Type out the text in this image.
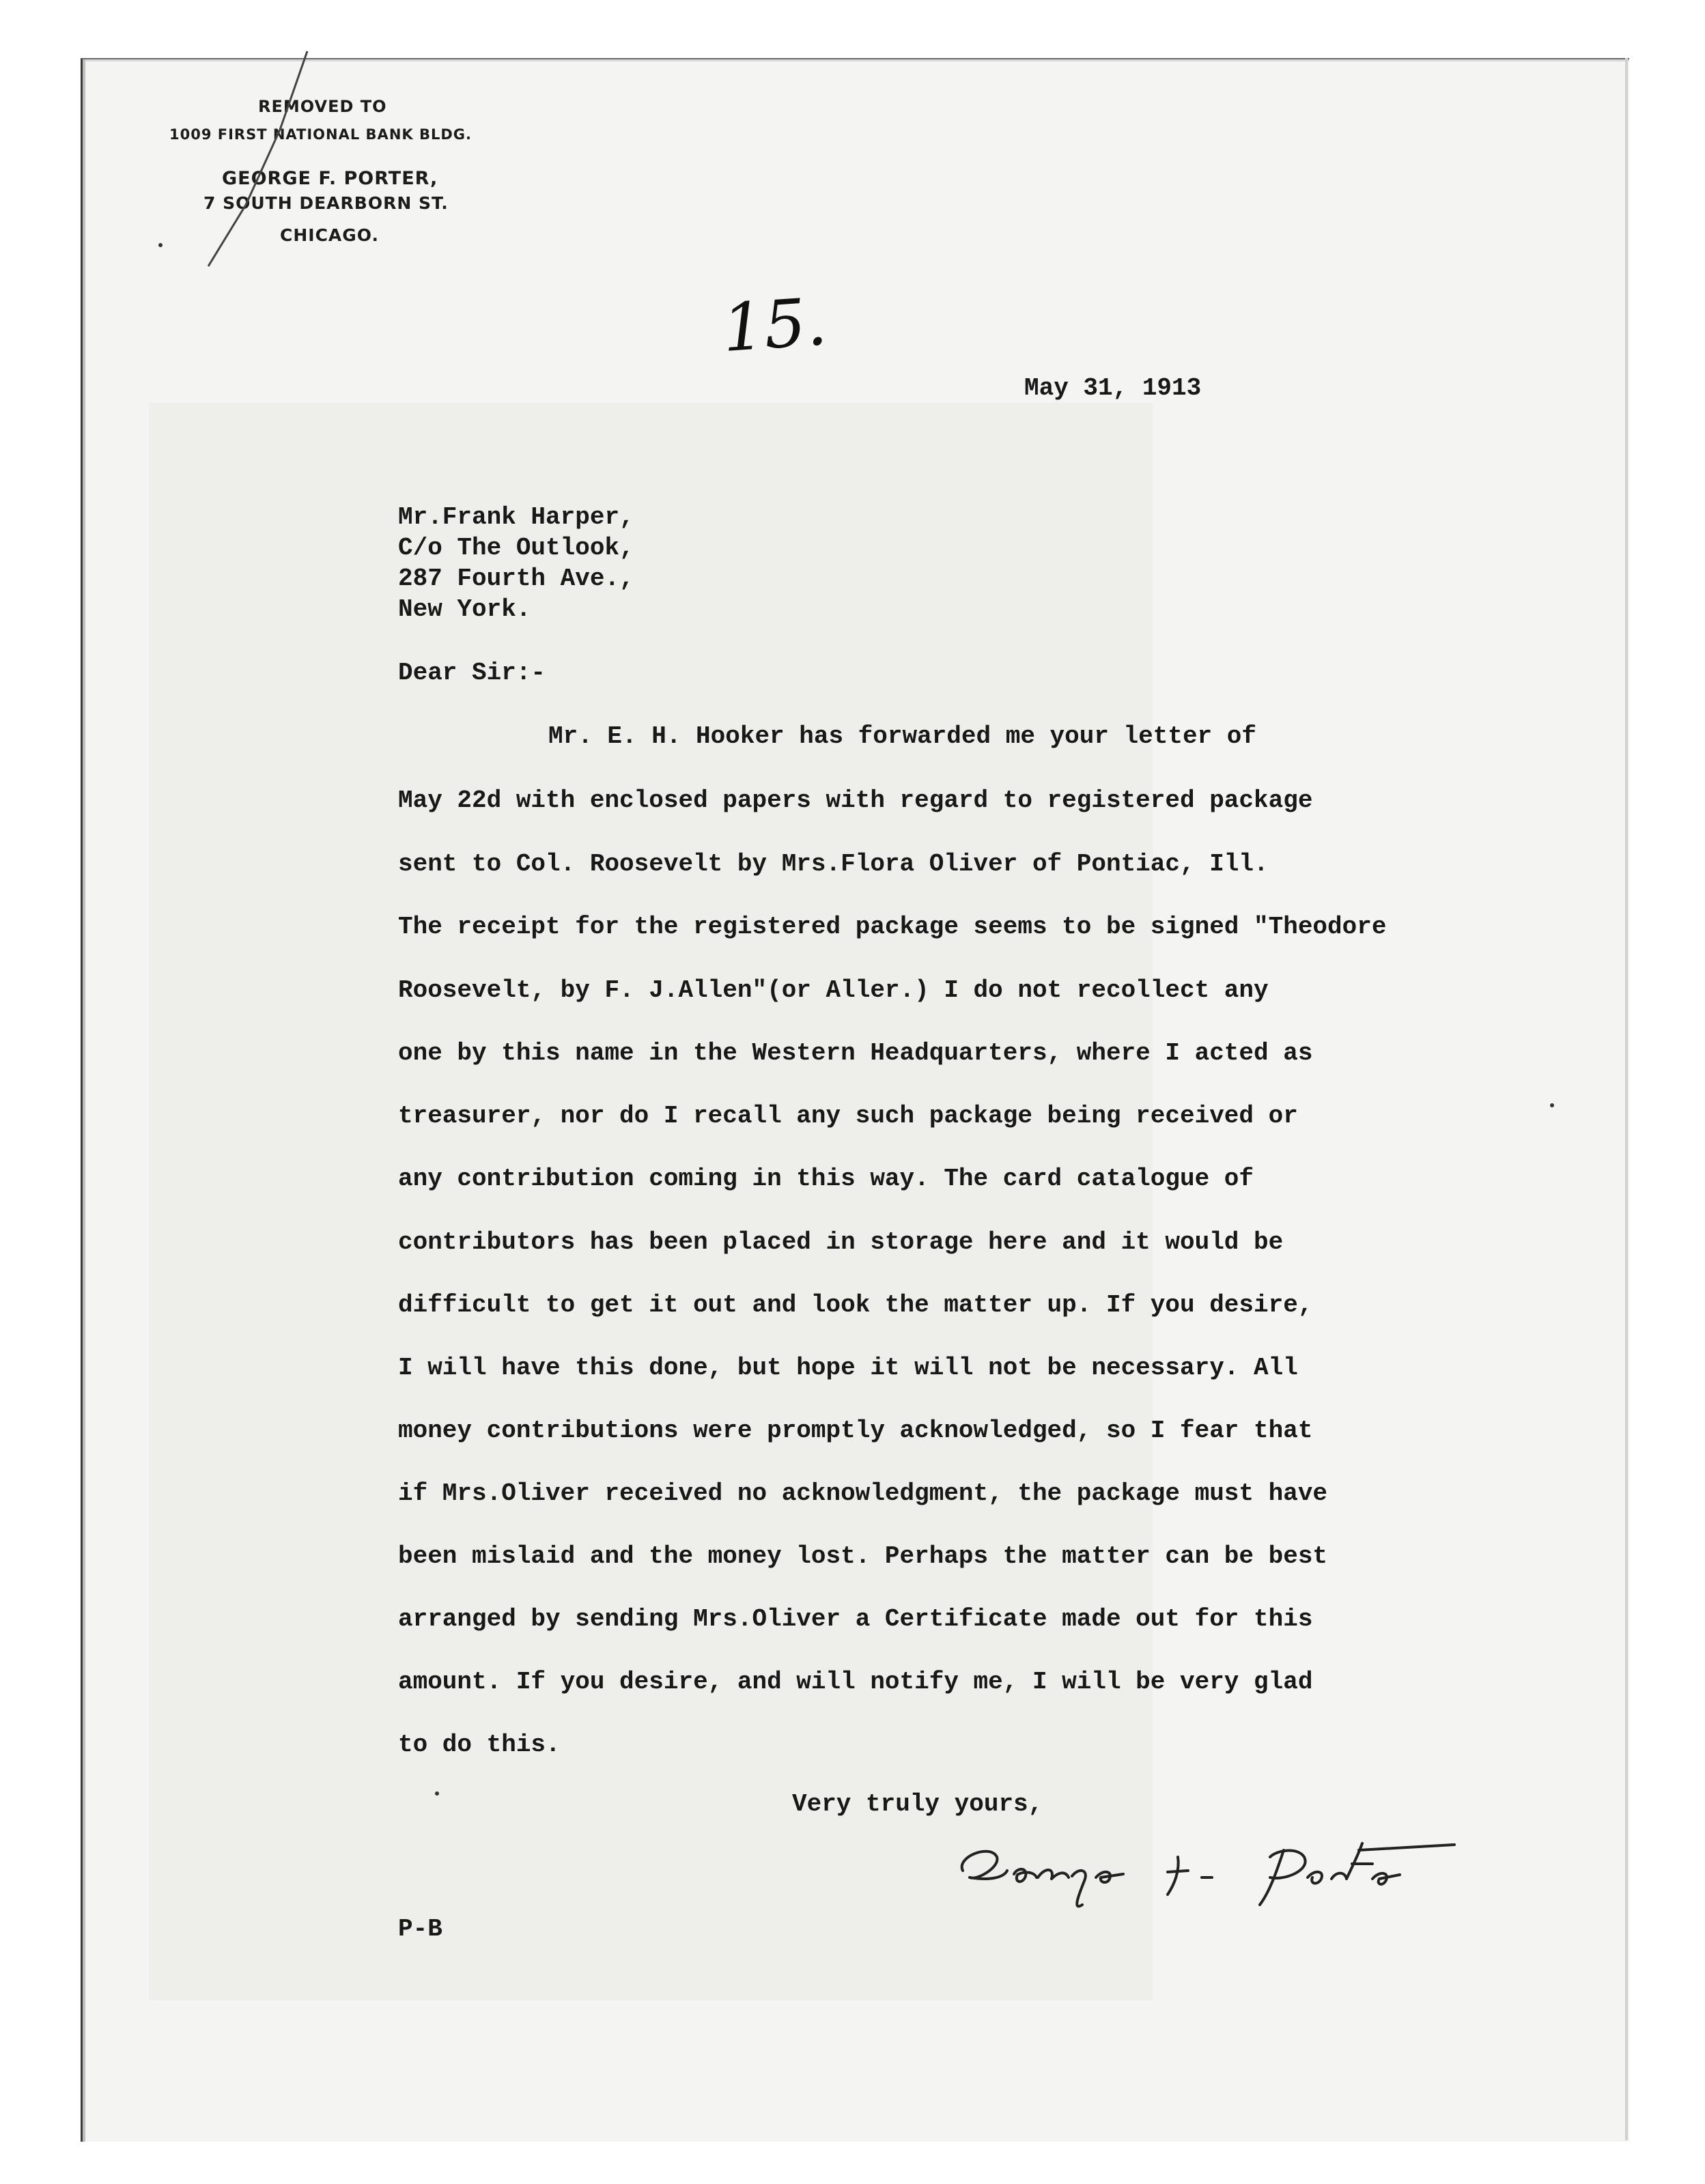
REMOVED TO
1009 FIRST NATIONAL BANK BLDG.
GEORGE F. PORTER,
7 SOUTH DEARBORN ST.
CHICAGO.
15.
May 31, 1913
Mr.Frank Harper,
C/o The Outlook,
287 Fourth Ave.,
New York.
Dear Sir:-
Mr. E. H. Hooker has forwarded me your letter of
May 22d with enclosed papers with regard to registered package
sent to Col. Roosevelt by Mrs.Flora Oliver of Pontiac, Ill.
The receipt for the registered package seems to be signed "Theodore
Roosevelt, by F. J.Allen"(or Aller.) I do not recollect any
one by this name in the Western Headquarters, where I acted as
treasurer, nor do I recall any such package being received or
any contribution coming in this way. The card catalogue of
contributors has been placed in storage here and it would be
difficult to get it out and look the matter up. If you desire,
I will have this done, but hope it will not be necessary. All
money contributions were promptly acknowledged, so I fear that
if Mrs.Oliver received no acknowledgment, the package must have
been mislaid and the money lost. Perhaps the matter can be best
arranged by sending Mrs.Oliver a Certificate made out for this
amount. If you desire, and will notify me, I will be very glad
to do this.
Very truly yours,
P-B
